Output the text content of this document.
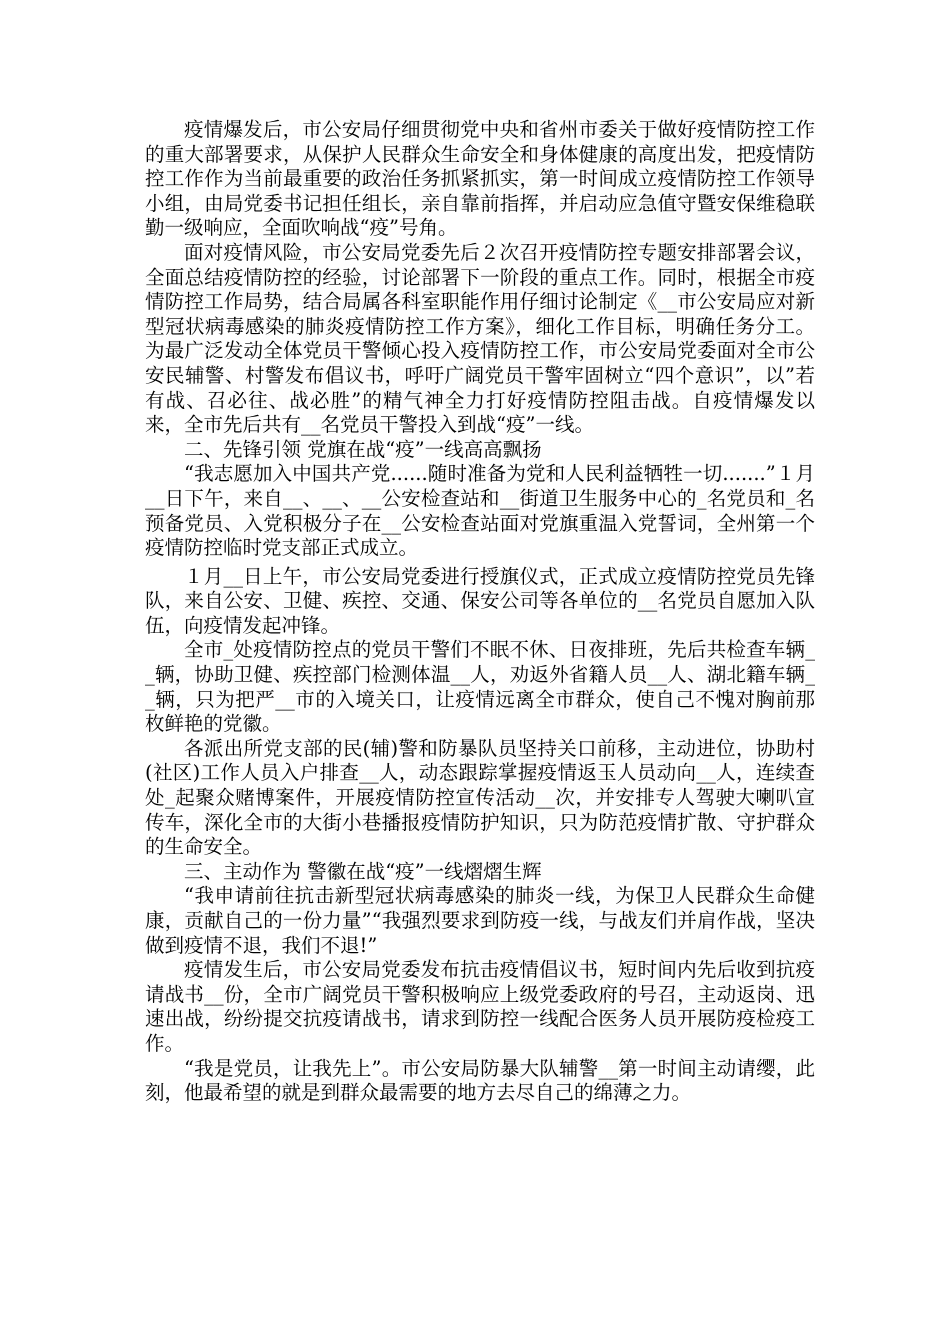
疫情爆发后，市公安局仔细贯彻党中央和省州市委关于做好疫情防控工作的重大部署要求，从保护人民群众生命安全和身体健康的高度出发，把疫情防控工作作为当前最重要的政治任务抓紧抓实，第一时间成立疫情防控工作领导小组，由局党委书记担任组长，亲自靠前指挥，并启动应急值守暨安保维稳联勤一级响应，全面吹响战“疫”号角。

面对疫情风险，市公安局党委先后２次召开疫情防控专题安排部署会议，全面总结疫情防控的经验，讨论部署下一阶段的重点工作。同时，根据全市疫情防控工作局势，结合局属各科室职能作用仔细讨论制定《__市公安局应对新型冠状病毒感染的肺炎疫情防控工作方案》，细化工作目标，明确任务分工。为最广泛发动全体党员干警倾心投入疫情防控工作，市公安局党委面对全市公安民辅警、村警发布倡议书，呼吁广阔党员干警牢固树立“四个意识”，以”若有战、召必往、战必胜”的精气神全力打好疫情防控阻击战。自疫情爆发以来，全市先后共有__名党员干警投入到战“疫”一线。

二、先锋引领 党旗在战“疫”一线高高飘扬

“我志愿加入中国共产党......随时准备为党和人民利益牺牲一切.......”１月__日下午，来自__、__、__公安检查站和__街道卫生服务中心的_名党员和_名预备党员、入党积极分子在__公安检查站面对党旗重温入党誓词，全州第一个疫情防控临时党支部正式成立。

１月__日上午，市公安局党委进行授旗仪式，正式成立疫情防控党员先锋队，来自公安、卫健、疾控、交通、保安公司等各单位的__名党员自愿加入队伍，向疫情发起冲锋。

全市_处疫情防控点的党员干警们不眠不休、日夜排班，先后共检查车辆__辆，协助卫健、疾控部门检测体温__人，劝返外省籍人员__人、湖北籍车辆__辆，只为把严__市的入境关口，让疫情远离全市群众，使自己不愧对胸前那枚鲜艳的党徽。

各派出所党支部的民(辅)警和防暴队员坚持关口前移，主动进位，协助村(社区)工作人员入户排查__人，动态跟踪掌握疫情返玉人员动向__人，连续查处_起聚众赌博案件，开展疫情防控宣传活动__次，并安排专人驾驶大喇叭宣传车，深化全市的大街小巷播报疫情防护知识，只为防范疫情扩散、守护群众的生命安全。

三、主动作为 警徽在战“疫”一线熠熠生辉

“我申请前往抗击新型冠状病毒感染的肺炎一线，为保卫人民群众生命健康，贡献自己的一份力量”“我强烈要求到防疫一线，与战友们并肩作战，坚决做到疫情不退，我们不退!”

疫情发生后，市公安局党委发布抗击疫情倡议书，短时间内先后收到抗疫请战书__份，全市广阔党员干警积极响应上级党委政府的号召，主动返岗、迅速出战，纷纷提交抗疫请战书，请求到防控一线配合医务人员开展防疫检疫工作。

“我是党员，让我先上”。市公安局防暴大队辅警__第一时间主动请缨，此刻，他最希望的就是到群众最需要的地方去尽自己的绵薄之力。
